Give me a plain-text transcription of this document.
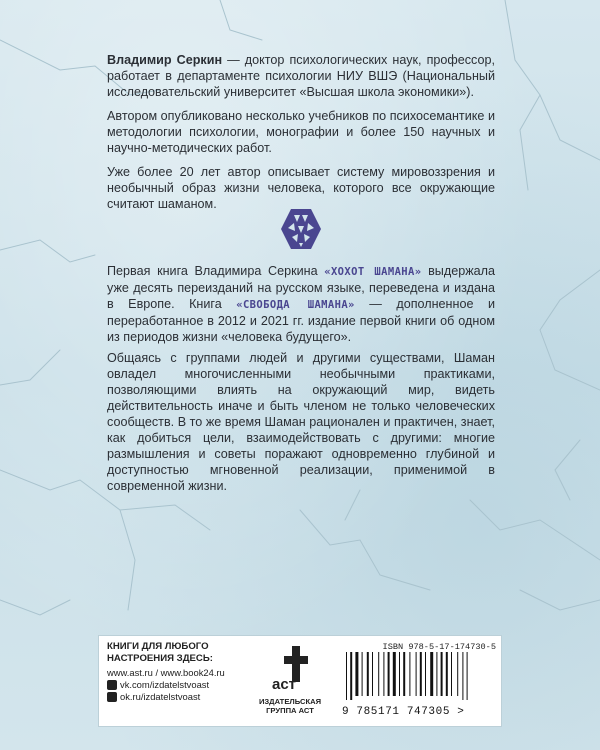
Владимир Серкин — доктор психологических наук, профессор, работает в департаменте психологии НИУ ВШЭ (Национальный исследовательский университет «Высшая школа экономики»).

Автором опубликовано несколько учебников по психосемантике и методологии психологии, монографии и более 150 научных и научно-методических работ.

Уже более 20 лет автор описывает систему мировоззрения и необычный образ жизни человека, которого все окружающие считают шаманом.

Первая книга Владимира Серкина «ХОХОТ ШАМАНА» выдержала уже десять переизданий на русском языке, переведена и издана в Европе. Книга «СВОБОДА ШАМАНА» — дополненное и переработанное в 2012 и 2021 гг. издание первой книги об одном из периодов жизни «человека будущего».

Общаясь с группами людей и другими существами, Шаман овладел многочисленными необычными практиками, позволяющими влиять на окружающий мир, видеть действительность иначе и быть членом не только человеческих сообществ. В то же время Шаман рационален и практичен, знает, как добиться цели, взаимодействовать с другими: многие размышления и советы поражают одновременно глубиной и доступностью мгновенной реализации, применимой в современной жизни.

КНИГИ ДЛЯ ЛЮБОГО НАСТРОЕНИЯ ЗДЕСЬ:
www.ast.ru / www.book24.ru
vk.com/izdatelstvoast
ok.ru/izdatelstvoast
аст
ИЗДАТЕЛЬСКАЯ ГРУППА АСТ
ISBN 978-5-17-174730-5
9 785171 747305 >
